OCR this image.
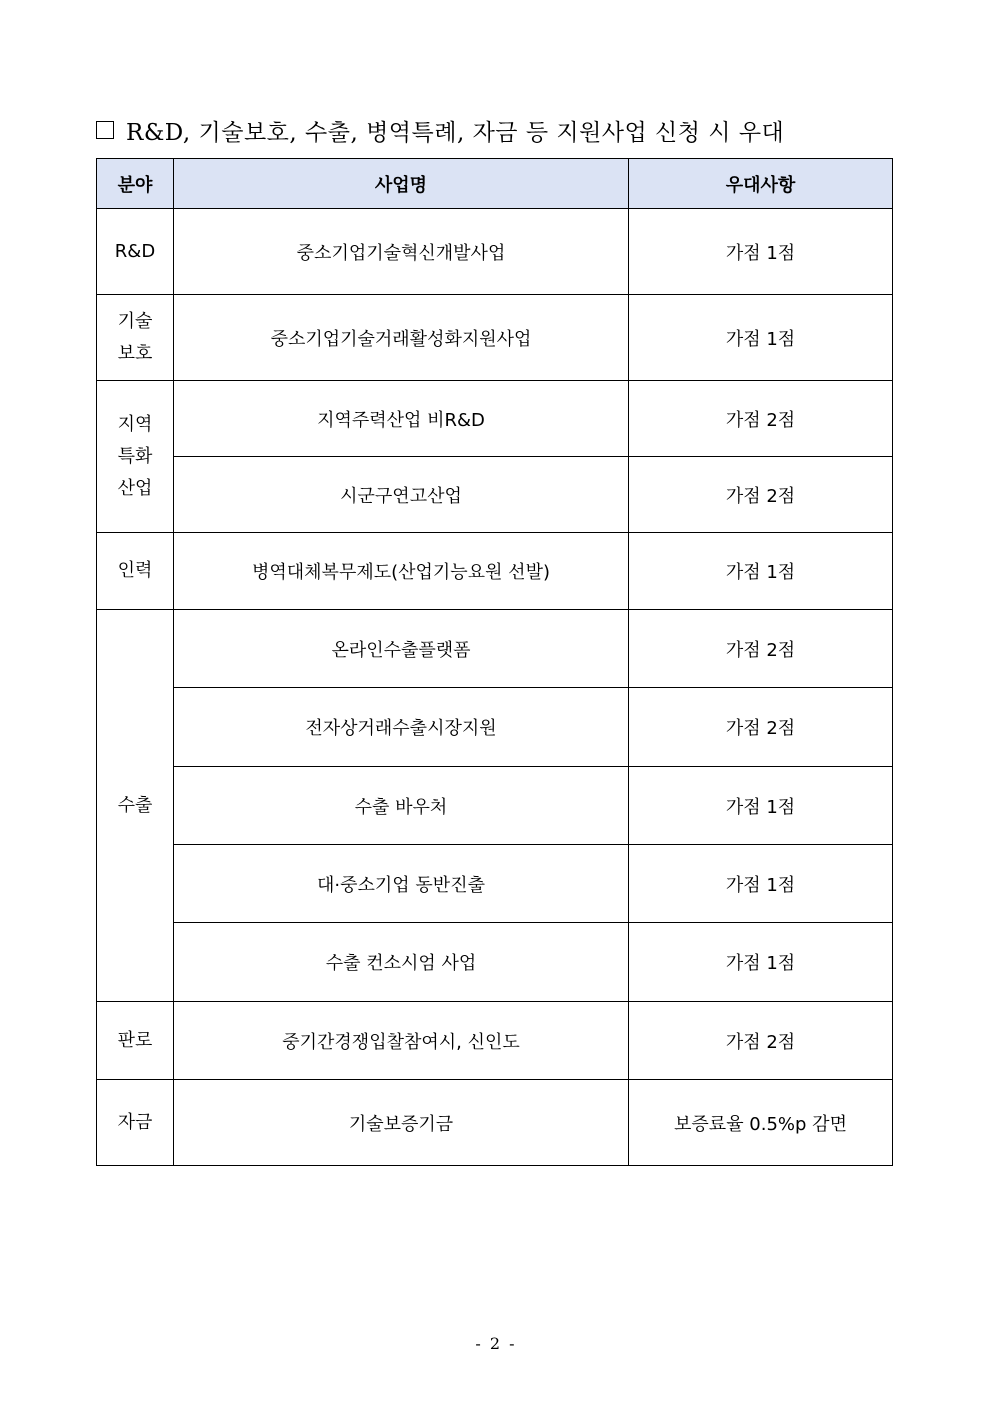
R&D, 기술보호, 수출, 병역특례, 자금 등 지원사업 신청 시 우대
분야	사업명	우대사항
R&D	중소기업기술혁신개발사업	가점 1점
기술
보호	중소기업기술거래활성화지원사업	가점 1점
지역
특화
산업	지역주력산업 비R&D	가점 2점
	시군구연고산업	가점 2점
인력	병역대체복무제도(산업기능요원 선발)	가점 1점
수출	온라인수출플랫폼	가점 2점
	전자상거래수출시장지원	가점 2점
	수출 바우처	가점 1점
	대·중소기업 동반진출	가점 1점
	수출 컨소시엄 사업	가점 1점
판로	중기간경쟁입찰참여시, 신인도	가점 2점
자금	기술보증기금	보증료율 0.5%p 감면
- 2 -
